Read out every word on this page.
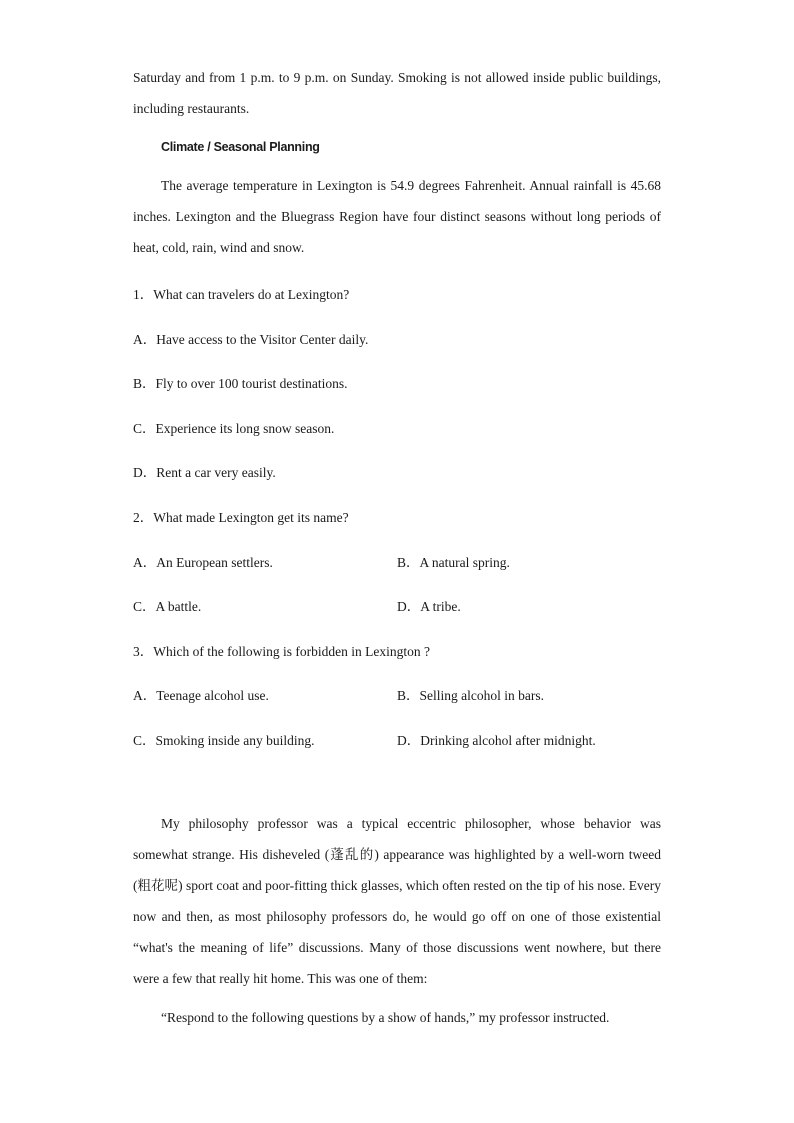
Saturday and from 1 p.m. to 9 p.m. on Sunday. Smoking is not allowed inside public buildings, including restaurants.

Climate / Seasonal Planning

The average temperature in Lexington is 54.9 degrees Fahrenheit. Annual rainfall is 45.68 inches. Lexington and the Bluegrass Region have four distinct seasons without long periods of heat, cold, rain, wind and snow.

1．What can travelers do at Lexington?
A．Have access to the Visitor Center daily.
B．Fly to over 100 tourist destinations.
C．Experience its long snow season.
D．Rent a car very easily.
2．What made Lexington get its name?
A．An European settlers.	B．A natural spring.
C．A battle.	D．A tribe.
3．Which of the following is forbidden in Lexington ?
A．Teenage alcohol use.	B．Selling alcohol in bars.
C．Smoking inside any building.	D．Drinking alcohol after midnight.

My philosophy professor was a typical eccentric philosopher, whose behavior was somewhat strange. His disheveled (蓬乱的) appearance was highlighted by a well-worn tweed (粗花呢) sport coat and poor-fitting thick glasses, which often rested on the tip of his nose. Every now and then, as most philosophy professors do, he would go off on one of those existential “what's the meaning of life” discussions. Many of those discussions went nowhere, but there were a few that really hit home. This was one of them:

“Respond to the following questions by a show of hands,” my professor instructed.
